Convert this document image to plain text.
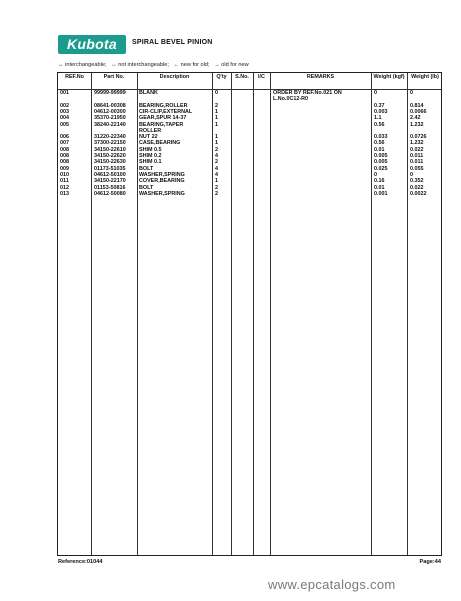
Kubota	SPIRAL BEVEL PINION
↔ interchangeable; ↔ not interchangeable; ← new for old; → old for new
REF.No	Part No.	Description	Q'ty	S.No.	I/C	REMARKS	Weight (kgf)	Weight (lb)
001	99999-99999 BLANK	0	ORDER BY REF.No.021 ON	0	0
L.No.0C12-R0
002	08641-00308 BEARING,ROLLER	2	0.37	0.814
003	04612-00300 CIR-CLIP,EXTERNAL	1	0.003	0.0066
004	35370-21950 GEAR,SPUR 14-37	1	1.1	2.42
005	38240-22140 BEARING,TAPER	1	0.56	1.232
ROLLER
006	31220-22340 NUT 22	1	0.033	0.0726
007	37300-22150 CASE,BEARING	1	0.56	1.232
008	34150-22610 SHIM 0.5	2	0.01	0.022
008	34150-22620 SHIM 0.2	4	0.005	0.011
008	34150-22630 SHIM 0.1	2	0.005	0.011
009	01173-51035	BOLT	4	0.025	0.055
010	04612-50100 WASHER,SPRING	4	0	0
011	34150-22170 COVER,BEARING	1	0.16	0.352
012	01153-50816	BOLT	2	0.01	0.022
013	04612-50080 WASHER,SPRING	2	0.001	0.0022
Reference:01044	Page:44
www.epcatalogs.com
